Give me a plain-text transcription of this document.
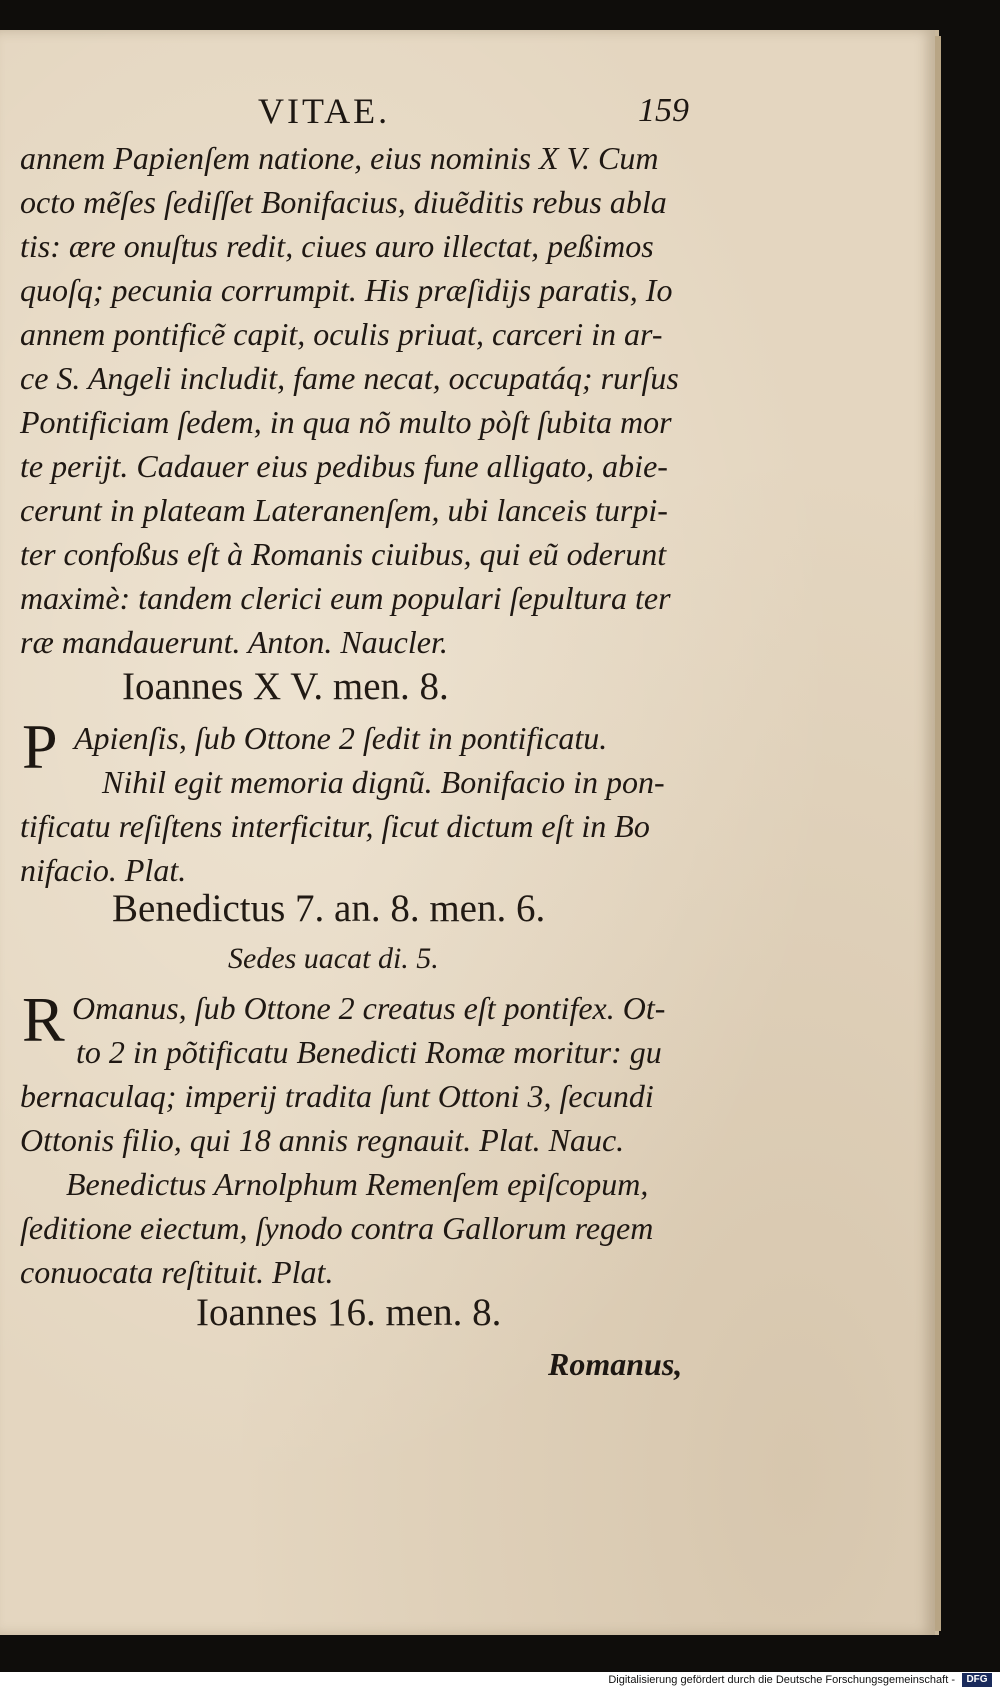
VITAE.	159
annem Papienſem natione, eius nominis X V. Cum
octo mẽſes ſediſſet Bonifacius, diuẽditis rebus abla
tis: ære onuſtus redit, ciues auro illectat, peßimos
quoſq; pecunia corrumpit. His præſidijs paratis, Io
annem pontificẽ capit, oculis priuat, carceri in ar-
ce S. Angeli includit, fame necat, occupatáq; rurſus
Pontificiam ſedem, in qua nõ multo pòſt ſubita mor
te perijt. Cadauer eius pedibus fune alligato, abie-
cerunt in plateam Lateranenſem, ubi lanceis turpi-
ter confoßus eſt à Romanis ciuibus, qui eũ oderunt
maximè: tandem clerici eum populari ſepultura ter
ræ mandauerunt. Anton. Naucler.
Ioannes X V. men. 8.
P Apienſis, ſub Ottone 2 ſedit in pontificatu.
Nihil egit memoria dignũ. Bonifacio in pon-
tificatu reſiſtens interficitur, ſicut dictum eſt in Bo
nifacio. Plat.
Benedictus 7. an. 8. men. 6.
Sedes uacat di. 5.
R Omanus, ſub Ottone 2 creatus eſt pontifex. Ot-
to 2 in põtificatu Benedicti Romæ moritur: gu
bernaculaq; imperij tradita ſunt Ottoni 3, ſecundi
Ottonis filio, qui 18 annis regnauit. Plat. Nauc.
Benedictus Arnolphum Remenſem epiſcopum,
ſeditione eiectum, ſynodo contra Gallorum regem
conuocata reſtituit. Plat.
Ioannes 16. men. 8.
Romanus,
Digitalisierung gefördert durch die Deutsche Forschungsgemeinschaft -	DFG
